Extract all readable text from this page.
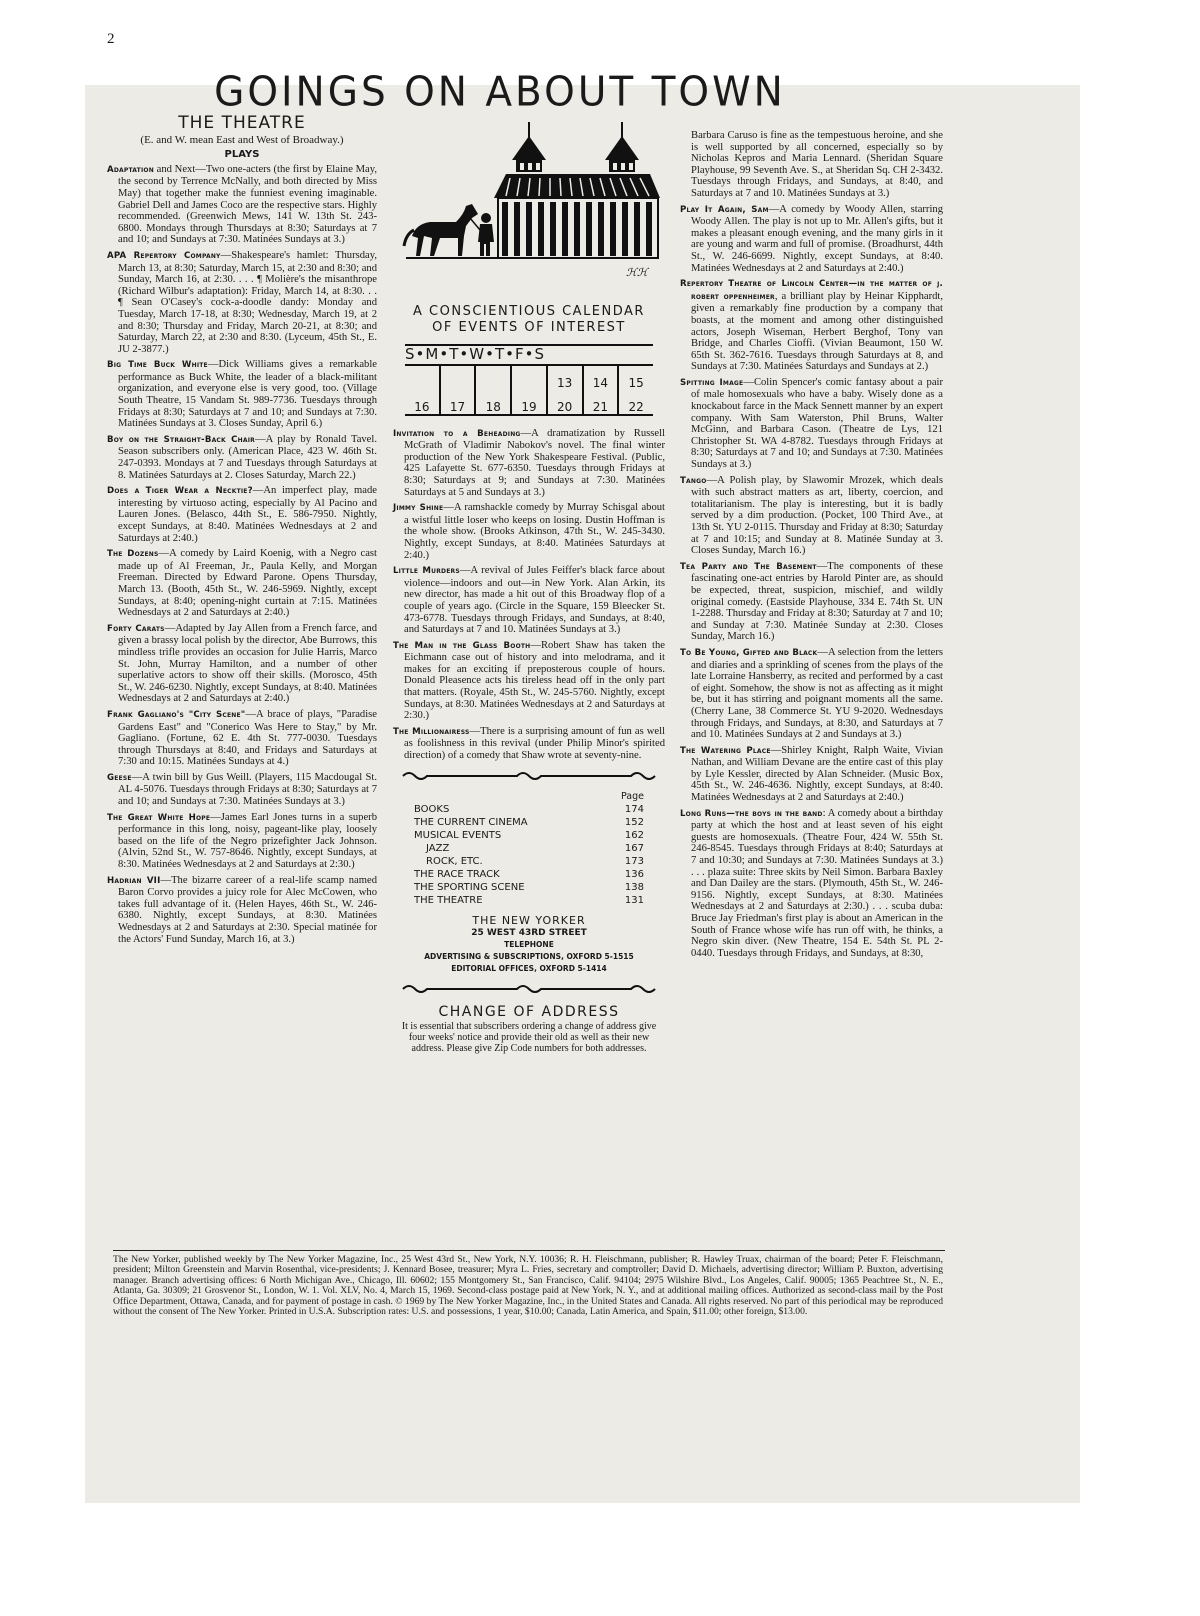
2
GOINGS ON ABOUT TOWN
THE THEATRE
(E. and W. mean East and West of Broadway.)
PLAYS

Adaptation and Next—Two one-acters (the first by Elaine May, the second by Terrence McNally, and both directed by Miss May) that together make the funniest evening imaginable. Gabriel Dell and James Coco are the respective stars. Highly recommended. (Greenwich Mews, 141 W. 13th St. 243-6800. Mondays through Thursdays at 8:30; Saturdays at 7 and 10; and Sundays at 7:30. Matinées Sundays at 3.)

APA Repertory Company—Shakespeare's hamlet: Thursday, March 13, at 8:30; Saturday, March 15, at 2:30 and 8:30; and Sunday, March 16, at 2:30. . . . ¶ Molière's the misanthrope (Richard Wilbur's adaptation): Friday, March 14, at 8:30. . . ¶ Sean O'Casey's cock-a-doodle dandy: Monday and Tuesday, March 17-18, at 8:30; Wednesday, March 19, at 2 and 8:30; Thursday and Friday, March 20-21, at 8:30; and Saturday, March 22, at 2:30 and 8:30. (Lyceum, 45th St., E. JU 2-3877.)

Big Time Buck White—Dick Williams gives a remarkable performance as Buck White, the leader of a black-militant organization, and everyone else is very good, too. (Village South Theatre, 15 Vandam St. 989-7736. Tuesdays through Fridays at 8:30; Saturdays at 7 and 10; and Sundays at 7:30. Matinées Sundays at 3. Closes Sunday, April 6.)

Boy on the Straight-Back Chair—A play by Ronald Tavel. Season subscribers only. (American Place, 423 W. 46th St. 247-0393. Mondays at 7 and Tuesdays through Saturdays at 8. Matinées Saturdays at 2. Closes Saturday, March 22.)

Does a Tiger Wear a Necktie?—An imperfect play, made interesting by virtuoso acting, especially by Al Pacino and Lauren Jones. (Belasco, 44th St., E. 586-7950. Nightly, except Sundays, at 8:40. Matinées Wednesdays at 2 and Saturdays at 2:40.)

The Dozens—A comedy by Laird Koenig, with a Negro cast made up of Al Freeman, Jr., Paula Kelly, and Morgan Freeman. Directed by Edward Parone. Opens Thursday, March 13. (Booth, 45th St., W. 246-5969. Nightly, except Sundays, at 8:40; opening-night curtain at 7:15. Matinées Wednesdays at 2 and Saturdays at 2:40.)

Forty Carats—Adapted by Jay Allen from a French farce, and given a brassy local polish by the director, Abe Burrows, this mindless trifle provides an occasion for Julie Harris, Marco St. John, Murray Hamilton, and a number of other superlative actors to show off their skills. (Morosco, 45th St., W. 246-6230. Nightly, except Sundays, at 8:40. Matinées Wednesdays at 2 and Saturdays at 2:40.)

Frank Gagliano's "City Scene"—A brace of plays, "Paradise Gardens East" and "Conerico Was Here to Stay," by Mr. Gagliano. (Fortune, 62 E. 4th St. 777-0030. Tuesdays through Thursdays at 8:40, and Fridays and Saturdays at 7:30 and 10:15. Matinées Sundays at 4.)

Geese—A twin bill by Gus Weill. (Players, 115 Macdougal St. AL 4-5076. Tuesdays through Fridays at 8:30; Saturdays at 7 and 10; and Sundays at 7:30. Matinées Sundays at 3.)

The Great White Hope—James Earl Jones turns in a superb performance in this long, noisy, pageant-like play, loosely based on the life of the Negro prizefighter Jack Johnson. (Alvin, 52nd St., W. 757-8646. Nightly, except Sundays, at 8:30. Matinées Wednesdays at 2 and Saturdays at 2:30.)

Hadrian VII—The bizarre career of a real-life scamp named Baron Corvo provides a juicy role for Alec McCowen, who takes full advantage of it. (Helen Hayes, 46th St., W. 246-6380. Nightly, except Sundays, at 8:30. Matinées Wednesdays at 2 and Saturdays at 2:30. Special matinée for the Actors' Fund Sunday, March 16, at 3.)

ℋℋ
A CONSCIENTIOUS CALENDAR
OF EVENTS OF INTEREST
S•M•T•W•T•F•S						
				13	14	15
16	17	18	19	20	21	22

Invitation to a Beheading—A dramatization by Russell McGrath of Vladimir Nabokov's novel. The final winter production of the New York Shakespeare Festival. (Public, 425 Lafayette St. 677-6350. Tuesdays through Fridays at 8:30; Saturdays at 9; and Sundays at 7:30. Matinées Saturdays at 5 and Sundays at 3.)

Jimmy Shine—A ramshackle comedy by Murray Schisgal about a wistful little loser who keeps on losing. Dustin Hoffman is the whole show. (Brooks Atkinson, 47th St., W. 245-3430. Nightly, except Sundays, at 8:40. Matinées Saturdays at 2:40.)

Little Murders—A revival of Jules Feiffer's black farce about violence—indoors and out—in New York. Alan Arkin, its new director, has made a hit out of this Broadway flop of a couple of years ago. (Circle in the Square, 159 Bleecker St. 473-6778. Tuesdays through Fridays, and Sundays, at 8:40, and Saturdays at 7 and 10. Matinées Sundays at 3.)

The Man in the Glass Booth—Robert Shaw has taken the Eichmann case out of history and into melodrama, and it makes for an exciting if preposterous couple of hours. Donald Pleasence acts his tireless head off in the only part that matters. (Royale, 45th St., W. 245-5760. Nightly, except Sundays, at 8:30. Matinées Wednesdays at 2 and Saturdays at 2:30.)

The Millionairess—There is a surprising amount of fun as well as foolishness in this revival (under Philip Minor's spirited direction) of a comedy that Shaw wrote at seventy-nine.

Page
BOOKS	174
THE CURRENT CINEMA	152
MUSICAL EVENTS	162
JAZZ	167
ROCK, ETC.	173
THE RACE TRACK	136
THE SPORTING SCENE	138
THE THEATRE	131
THE NEW YORKER
25 WEST 43RD STREET
TELEPHONE
ADVERTISING & SUBSCRIPTIONS, OXFORD 5-1515
EDITORIAL OFFICES, OXFORD 5-1414
CHANGE OF ADDRESS
It is essential that subscribers ordering a change of address give four weeks' notice and provide their old as well as their new address. Please give Zip Code numbers for both addresses.

Barbara Caruso is fine as the tempestuous heroine, and she is well supported by all concerned, especially so by Nicholas Kepros and Maria Lennard. (Sheridan Square Playhouse, 99 Seventh Ave. S., at Sheridan Sq. CH 2-3432. Tuesdays through Fridays, and Sundays, at 8:40, and Saturdays at 7 and 10. Matinées Sundays at 3.)

Play It Again, Sam—A comedy by Woody Allen, starring Woody Allen. The play is not up to Mr. Allen's gifts, but it makes a pleasant enough evening, and the many girls in it are young and warm and full of promise. (Broadhurst, 44th St., W. 246-6699. Nightly, except Sundays, at 8:40. Matinées Wednesdays at 2 and Saturdays at 2:40.)

Repertory Theatre of Lincoln Center—in the matter of j. robert oppenheimer, a brilliant play by Heinar Kipphardt, given a remarkably fine production by a company that boasts, at the moment and among other distinguished actors, Joseph Wiseman, Herbert Berghof, Tony van Bridge, and Charles Cioffi. (Vivian Beaumont, 150 W. 65th St. 362-7616. Tuesdays through Saturdays at 8, and Sundays at 7:30. Matinées Saturdays and Sundays at 2.)

Spitting Image—Colin Spencer's comic fantasy about a pair of male homosexuals who have a baby. Wisely done as a knockabout farce in the Mack Sennett manner by an expert company. With Sam Waterston, Phil Bruns, Walter McGinn, and Barbara Cason. (Theatre de Lys, 121 Christopher St. WA 4-8782. Tuesdays through Fridays at 8:30; Saturdays at 7 and 10; and Sundays at 7:30. Matinées Sundays at 3.)

Tango—A Polish play, by Slawomir Mrozek, which deals with such abstract matters as art, liberty, coercion, and totalitarianism. The play is interesting, but it is badly served by a dim production. (Pocket, 100 Third Ave., at 13th St. YU 2-0115. Thursday and Friday at 8:30; Saturday at 7 and 10:15; and Sunday at 8. Matinée Sunday at 3. Closes Sunday, March 16.)

Tea Party and The Basement—The components of these fascinating one-act entries by Harold Pinter are, as should be expected, threat, suspicion, mischief, and wildly original comedy. (Eastside Playhouse, 334 E. 74th St. UN 1-2288. Thursday and Friday at 8:30; Saturday at 7 and 10; and Sunday at 7:30. Matinée Sunday at 2:30. Closes Sunday, March 16.)

To Be Young, Gifted and Black—A selection from the letters and diaries and a sprinkling of scenes from the plays of the late Lorraine Hansberry, as recited and performed by a cast of eight. Somehow, the show is not as affecting as it might be, but it has stirring and poignant moments all the same. (Cherry Lane, 38 Commerce St. YU 9-2020. Wednesdays through Fridays, and Sundays, at 8:30, and Saturdays at 7 and 10. Matinées Sundays at 2 and Sundays at 3.)

The Watering Place—Shirley Knight, Ralph Waite, Vivian Nathan, and William Devane are the entire cast of this play by Lyle Kessler, directed by Alan Schneider. (Music Box, 45th St., W. 246-4636. Nightly, except Sundays, at 8:40. Matinées Wednesdays at 2 and Saturdays at 2:40.)

Long Runs—the boys in the band: A comedy about a birthday party at which the host and at least seven of his eight guests are homosexuals. (Theatre Four, 424 W. 55th St. 246-8545. Tuesdays through Fridays at 8:40; Saturdays at 7 and 10:30; and Sundays at 7:30. Matinées Sundays at 3.) . . . plaza suite: Three skits by Neil Simon. Barbara Baxley and Dan Dailey are the stars. (Plymouth, 45th St., W. 246-9156. Nightly, except Sundays, at 8:30. Matinées Wednesdays at 2 and Saturdays at 2:30.) . . . scuba duba: Bruce Jay Friedman's first play is about an American in the South of France whose wife has run off with, he thinks, a Negro skin diver. (New Theatre, 154 E. 54th St. PL 2-0440. Tuesdays through Fridays, and Sundays, at 8:30,

The New Yorker, published weekly by The New Yorker Magazine, Inc., 25 West 43rd St., New York, N.Y. 10036; R. H. Fleischmann, publisher; R. Hawley Truax, chairman of the board; Peter F. Fleischmann, president; Milton Greenstein and Marvin Rosenthal, vice-presidents; J. Kennard Bosee, treasurer; Myra L. Fries, secretary and comptroller; David D. Michaels, advertising director; William P. Buxton, advertising manager. Branch advertising offices: 6 North Michigan Ave., Chicago, Ill. 60602; 155 Montgomery St., San Francisco, Calif. 94104; 2975 Wilshire Blvd., Los Angeles, Calif. 90005; 1365 Peachtree St., N. E., Atlanta, Ga. 30309; 21 Grosvenor St., London, W. 1. Vol. XLV, No. 4, March 15, 1969. Second-class postage paid at New York, N. Y., and at additional mailing offices. Authorized as second-class mail by the Post Office Department, Ottawa, Canada, and for payment of postage in cash. © 1969 by The New Yorker Magazine, Inc., in the United States and Canada. All rights reserved. No part of this periodical may be reproduced without the consent of The New Yorker. Printed in U.S.A. Subscription rates: U.S. and possessions, 1 year, $10.00; Canada, Latin America, and Spain, $11.00; other foreign, $13.00.
